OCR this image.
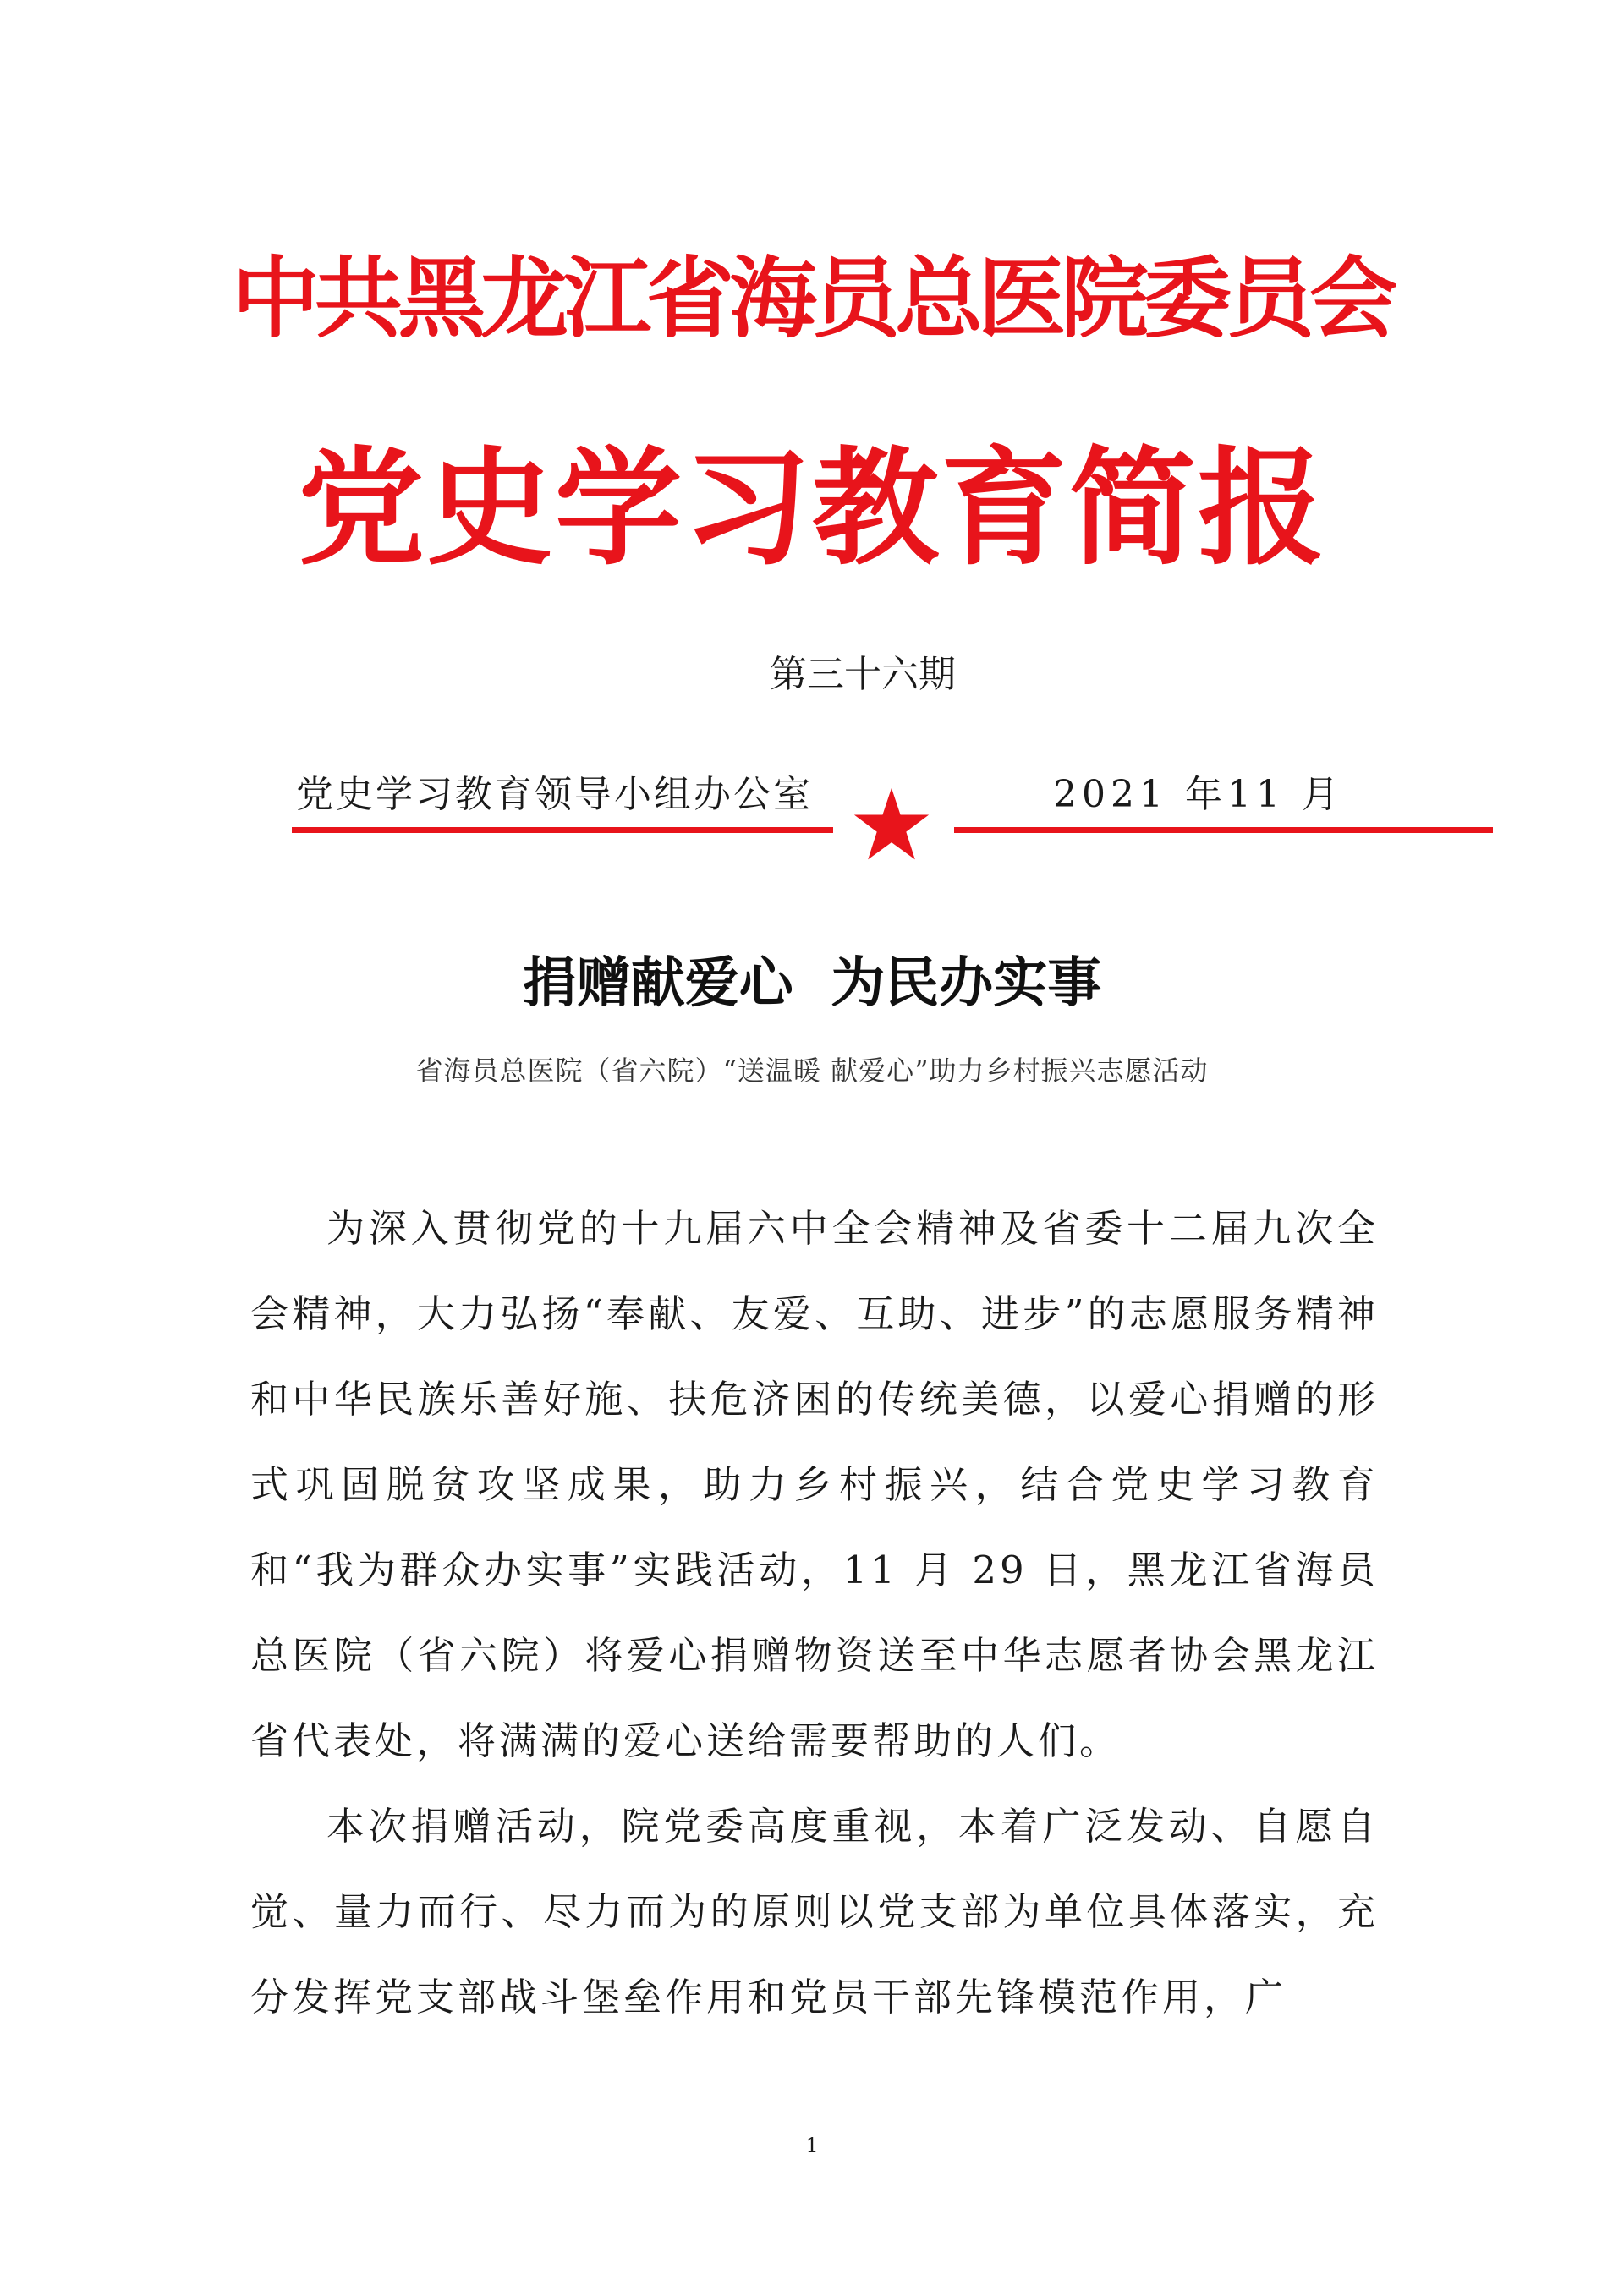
中共黑龙江省海员总医院委员会
党史学习教育简报
第三十六期
党史学习教育领导小组办公室	2021 年11 月
捐赠献爱心  为民办实事
省海员总医院（省六院）“送温暖 献爱心”助力乡村振兴志愿活动

为深入贯彻党的十九届六中全会精神及省委十二届九次全会精神，大力弘扬“奉献、友爱、互助、进步”的志愿服务精神和中华民族乐善好施、扶危济困的传统美德，以爱心捐赠的形式巩固脱贫攻坚成果，助力乡村振兴，结合党史学习教育和“我为群众办实事”实践活动，11 月 29 日，黑龙江省海员总医院（省六院）将爱心捐赠物资送至中华志愿者协会黑龙江省代表处，将满满的爱心送给需要帮助的人们。

本次捐赠活动，院党委高度重视，本着广泛发动、自愿自觉、量力而行、尽力而为的原则以党支部为单位具体落实，充分发挥党支部战斗堡垒作用和党员干部先锋模范作用，广

1
